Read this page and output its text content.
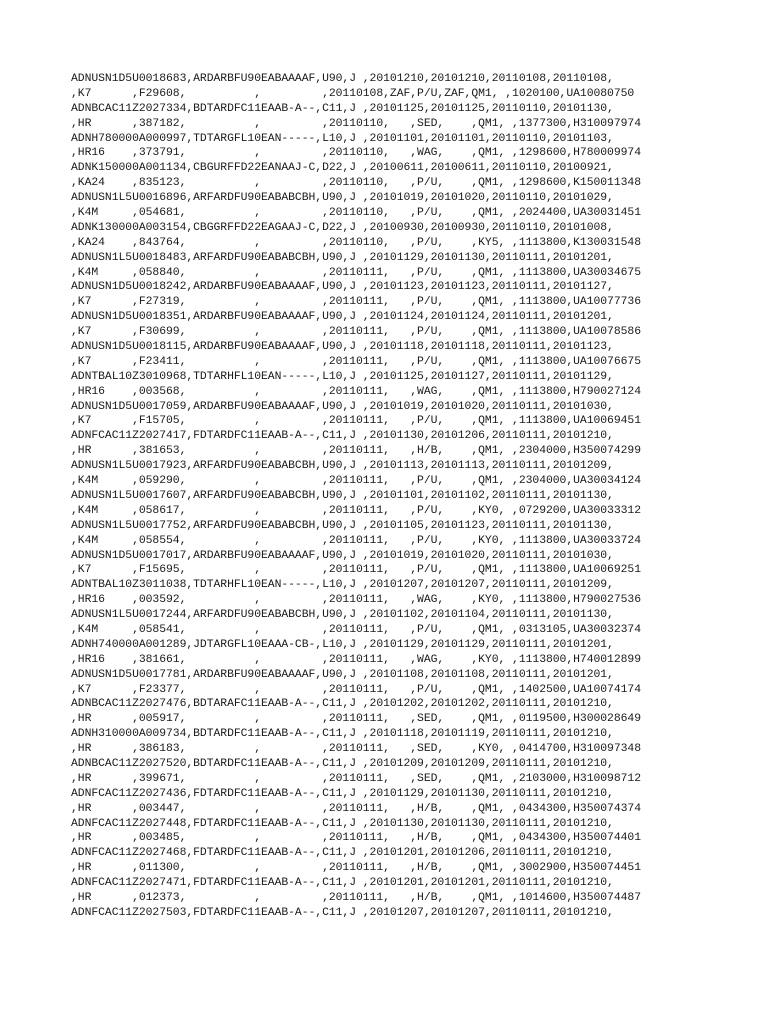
ADNUSN1D5U0018683,ARDARBFU90EABAAAAF,U90,J ,20101210,20101210,20110108,20110108,
,K7      ,F29608,          ,         ,20110108,ZAF,P/U,ZAF,QM1, ,1020100,UA10080750
ADNBCAC11Z2027334,BDTARDFC11EAAB-A--,C11,J ,20101125,20101125,20110110,20101130,
,HR      ,387182,          ,         ,20110110,   ,SED,    ,QM1, ,1377300,H310097974
ADNH780000A000997,TDTARGFL10EAN-----,L10,J ,20101101,20101101,20110110,20101103,
,HR16    ,373791,          ,         ,20110110,   ,WAG,    ,QM1, ,1298600,H780009974
ADNK150000A001134,CBGURFFD22EANAAJ-C,D22,J ,20100611,20100611,20110110,20100921,
,KA24    ,835123,          ,         ,20110110,   ,P/U,    ,QM1, ,1298600,K150011348
ADNUSN1L5U0016896,ARFARDFU90EABABCBH,U90,J ,20101019,20101020,20110110,20101029,
,K4M     ,054681,          ,         ,20110110,   ,P/U,    ,QM1, ,2024400,UA30031451
ADNK130000A003154,CBGGRFFD22EAGAAJ-C,D22,J ,20100930,20100930,20110110,20101008,
,KA24    ,843764,          ,         ,20110110,   ,P/U,    ,KY5, ,1113800,K130031548
ADNUSN1L5U0018483,ARFARDFU90EABABCBH,U90,J ,20101129,20101130,20110111,20101201,
,K4M     ,058840,          ,         ,20110111,   ,P/U,    ,QM1, ,1113800,UA30034675
ADNUSN1D5U0018242,ARDARBFU90EABAAAAF,U90,J ,20101123,20101123,20110111,20101127,
,K7      ,F27319,          ,         ,20110111,   ,P/U,    ,QM1, ,1113800,UA10077736
ADNUSN1D5U0018351,ARDARBFU90EABAAAAF,U90,J ,20101124,20101124,20110111,20101201,
,K7      ,F30699,          ,         ,20110111,   ,P/U,    ,QM1, ,1113800,UA10078586
ADNUSN1D5U0018115,ARDARBFU90EABAAAAF,U90,J ,20101118,20101118,20110111,20101123,
,K7      ,F23411,          ,         ,20110111,   ,P/U,    ,QM1, ,1113800,UA10076675
ADNTBAL10Z3010968,TDTARHFL10EAN-----,L10,J ,20101125,20101127,20110111,20101129,
,HR16    ,003568,          ,         ,20110111,   ,WAG,    ,QM1, ,1113800,H790027124
ADNUSN1D5U0017059,ARDARBFU90EABAAAAF,U90,J ,20101019,20101020,20110111,20101030,
,K7      ,F15705,          ,         ,20110111,   ,P/U,    ,QM1, ,1113800,UA10069451
ADNFCAC11Z2027417,FDTARDFC11EAAB-A--,C11,J ,20101130,20101206,20110111,20101210,
,HR      ,381653,          ,         ,20110111,   ,H/B,    ,QM1, ,2304000,H350074299
ADNUSN1L5U0017923,ARFARDFU90EABABCBH,U90,J ,20101113,20101113,20110111,20101209,
,K4M     ,059290,          ,         ,20110111,   ,P/U,    ,QM1, ,2304000,UA30034124
ADNUSN1L5U0017607,ARFARDFU90EABABCBH,U90,J ,20101101,20101102,20110111,20101130,
,K4M     ,058617,          ,         ,20110111,   ,P/U,    ,KY0, ,0729200,UA30033312
ADNUSN1L5U0017752,ARFARDFU90EABABCBH,U90,J ,20101105,20101123,20110111,20101130,
,K4M     ,058554,          ,         ,20110111,   ,P/U,    ,KY0, ,1113800,UA30033724
ADNUSN1D5U0017017,ARDARBFU90EABAAAAF,U90,J ,20101019,20101020,20110111,20101030,
,K7      ,F15695,          ,         ,20110111,   ,P/U,    ,QM1, ,1113800,UA10069251
ADNTBAL10Z3011038,TDTARHFL10EAN-----,L10,J ,20101207,20101207,20110111,20101209,
,HR16    ,003592,          ,         ,20110111,   ,WAG,    ,KY0, ,1113800,H790027536
ADNUSN1L5U0017244,ARFARDFU90EABABCBH,U90,J ,20101102,20101104,20110111,20101130,
,K4M     ,058541,          ,         ,20110111,   ,P/U,    ,QM1, ,0313105,UA30032374
ADNH740000A001289,JDTARGFL10EAAA-CB-,L10,J ,20101129,20101129,20110111,20101201,
,HR16    ,381661,          ,         ,20110111,   ,WAG,    ,KY0, ,1113800,H740012899
ADNUSN1D5U0017781,ARDARBFU90EABAAAAF,U90,J ,20101108,20101108,20110111,20101201,
,K7      ,F23377,          ,         ,20110111,   ,P/U,    ,QM1, ,1402500,UA10074174
ADNBCAC11Z2027476,BDTARAFC11EAAB-A--,C11,J ,20101202,20101202,20110111,20101210,
,HR      ,005917,          ,         ,20110111,   ,SED,    ,QM1, ,0119500,H300028649
ADNH310000A009734,BDTARDFC11EAAB-A--,C11,J ,20101118,20101119,20110111,20101210,
,HR      ,386183,          ,         ,20110111,   ,SED,    ,KY0, ,0414700,H310097348
ADNBCAC11Z2027520,BDTARDFC11EAAB-A--,C11,J ,20101209,20101209,20110111,20101210,
,HR      ,399671,          ,         ,20110111,   ,SED,    ,QM1, ,2103000,H310098712
ADNFCAC11Z2027436,FDTARDFC11EAAB-A--,C11,J ,20101129,20101130,20110111,20101210,
,HR      ,003447,          ,         ,20110111,   ,H/B,    ,QM1, ,0434300,H350074374
ADNFCAC11Z2027448,FDTARDFC11EAAB-A--,C11,J ,20101130,20101130,20110111,20101210,
,HR      ,003485,          ,         ,20110111,   ,H/B,    ,QM1, ,0434300,H350074401
ADNFCAC11Z2027468,FDTARDFC11EAAB-A--,C11,J ,20101201,20101206,20110111,20101210,
,HR      ,011300,          ,         ,20110111,   ,H/B,    ,QM1, ,3002900,H350074451
ADNFCAC11Z2027471,FDTARDFC11EAAB-A--,C11,J ,20101201,20101201,20110111,20101210,
,HR      ,012373,          ,         ,20110111,   ,H/B,    ,QM1, ,1014600,H350074487
ADNFCAC11Z2027503,FDTARDFC11EAAB-A--,C11,J ,20101207,20101207,20110111,20101210,
